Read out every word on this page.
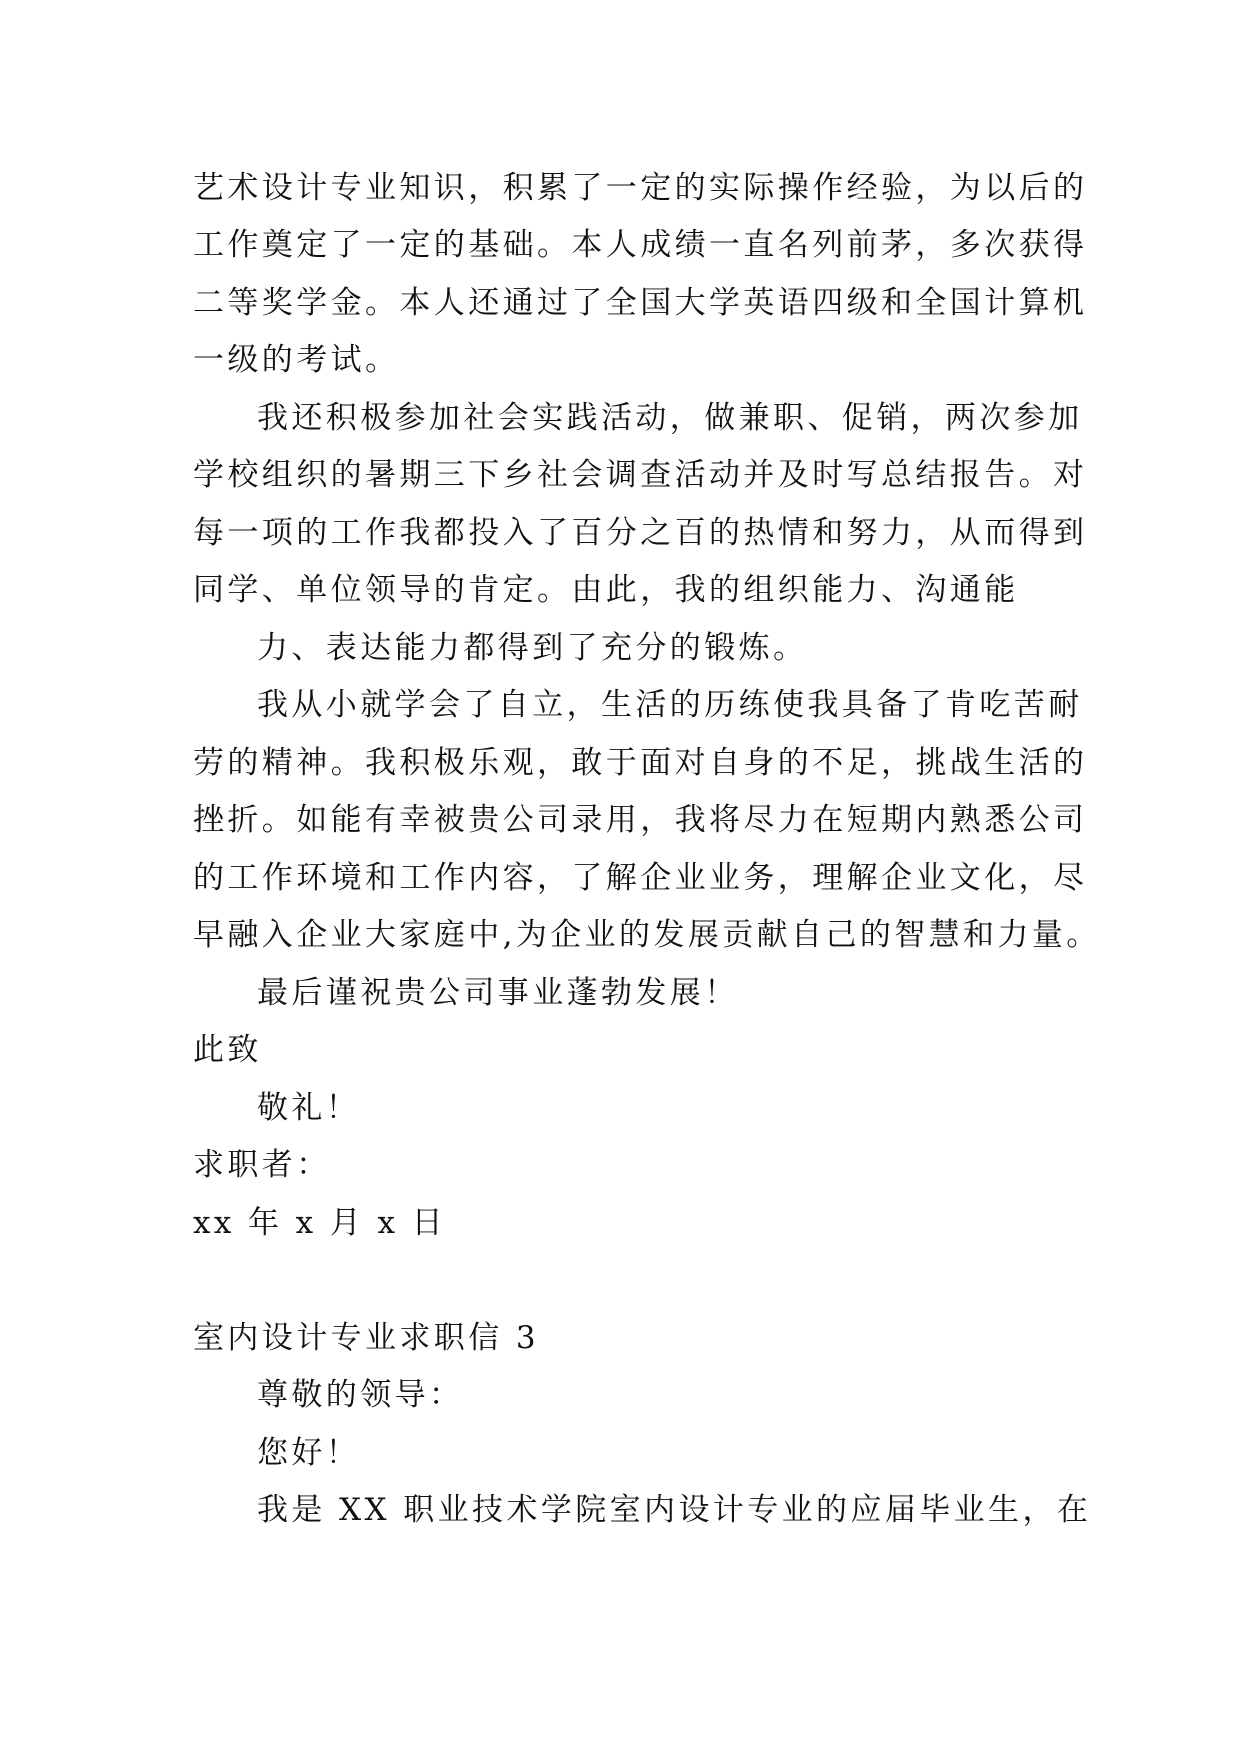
艺术设计专业知识，积累了一定的实际操作经验，为以后的
工作奠定了一定的基础。本人成绩一直名列前茅，多次获得
二等奖学金。本人还通过了全国大学英语四级和全国计算机
一级的考试。
我还积极参加社会实践活动，做兼职、促销，两次参加
学校组织的暑期三下乡社会调查活动并及时写总结报告。对
每一项的工作我都投入了百分之百的热情和努力，从而得到
同学、单位领导的肯定。由此，我的组织能力、沟通能
力、表达能力都得到了充分的锻炼。
我从小就学会了自立，生活的历练使我具备了肯吃苦耐
劳的精神。我积极乐观，敢于面对自身的不足，挑战生活的
挫折。如能有幸被贵公司录用，我将尽力在短期内熟悉公司
的工作环境和工作内容，了解企业业务，理解企业文化，尽
早融入企业大家庭中,为企业的发展贡献自己的智慧和力量。
最后谨祝贵公司事业蓬勃发展！
此致
敬礼！
求职者：
xx 年 x 月 x 日
室内设计专业求职信 3
尊敬的领导：
您好！
我是 XX 职业技术学院室内设计专业的应届毕业生，在
